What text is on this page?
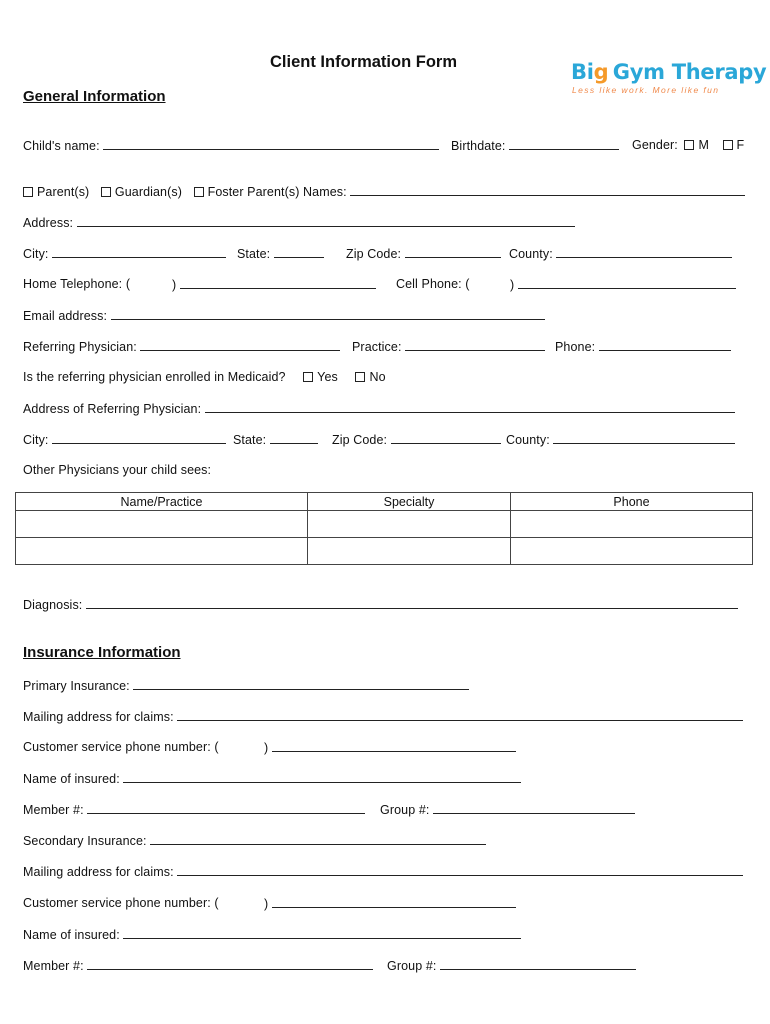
Client Information Form	Big Gym Therapy
Less like work. More like fun
General Information
Child's name:	Birthdate:	Gender: M F
Parent(s) Guardian(s) Foster Parent(s) Names:
Address:
City:	State:	Zip Code:	County:
Home Telephone: (	)	Cell Phone: (	)
Email address:
Referring Physician:	Practice:	Phone:
Is the referring physician enrolled in Medicaid?	Yes	No
Address of Referring Physician:
City:	State:	Zip Code:	County:
Other Physicians your child sees:
Name/Practice	Specialty	Phone

Diagnosis:
Insurance Information
Primary Insurance:
Mailing address for claims:
Customer service phone number: (	)
Name of insured:
Member #:	Group #:
Secondary Insurance:
Mailing address for claims:
Customer service phone number: (	)
Name of insured:
Member #:	Group #:
